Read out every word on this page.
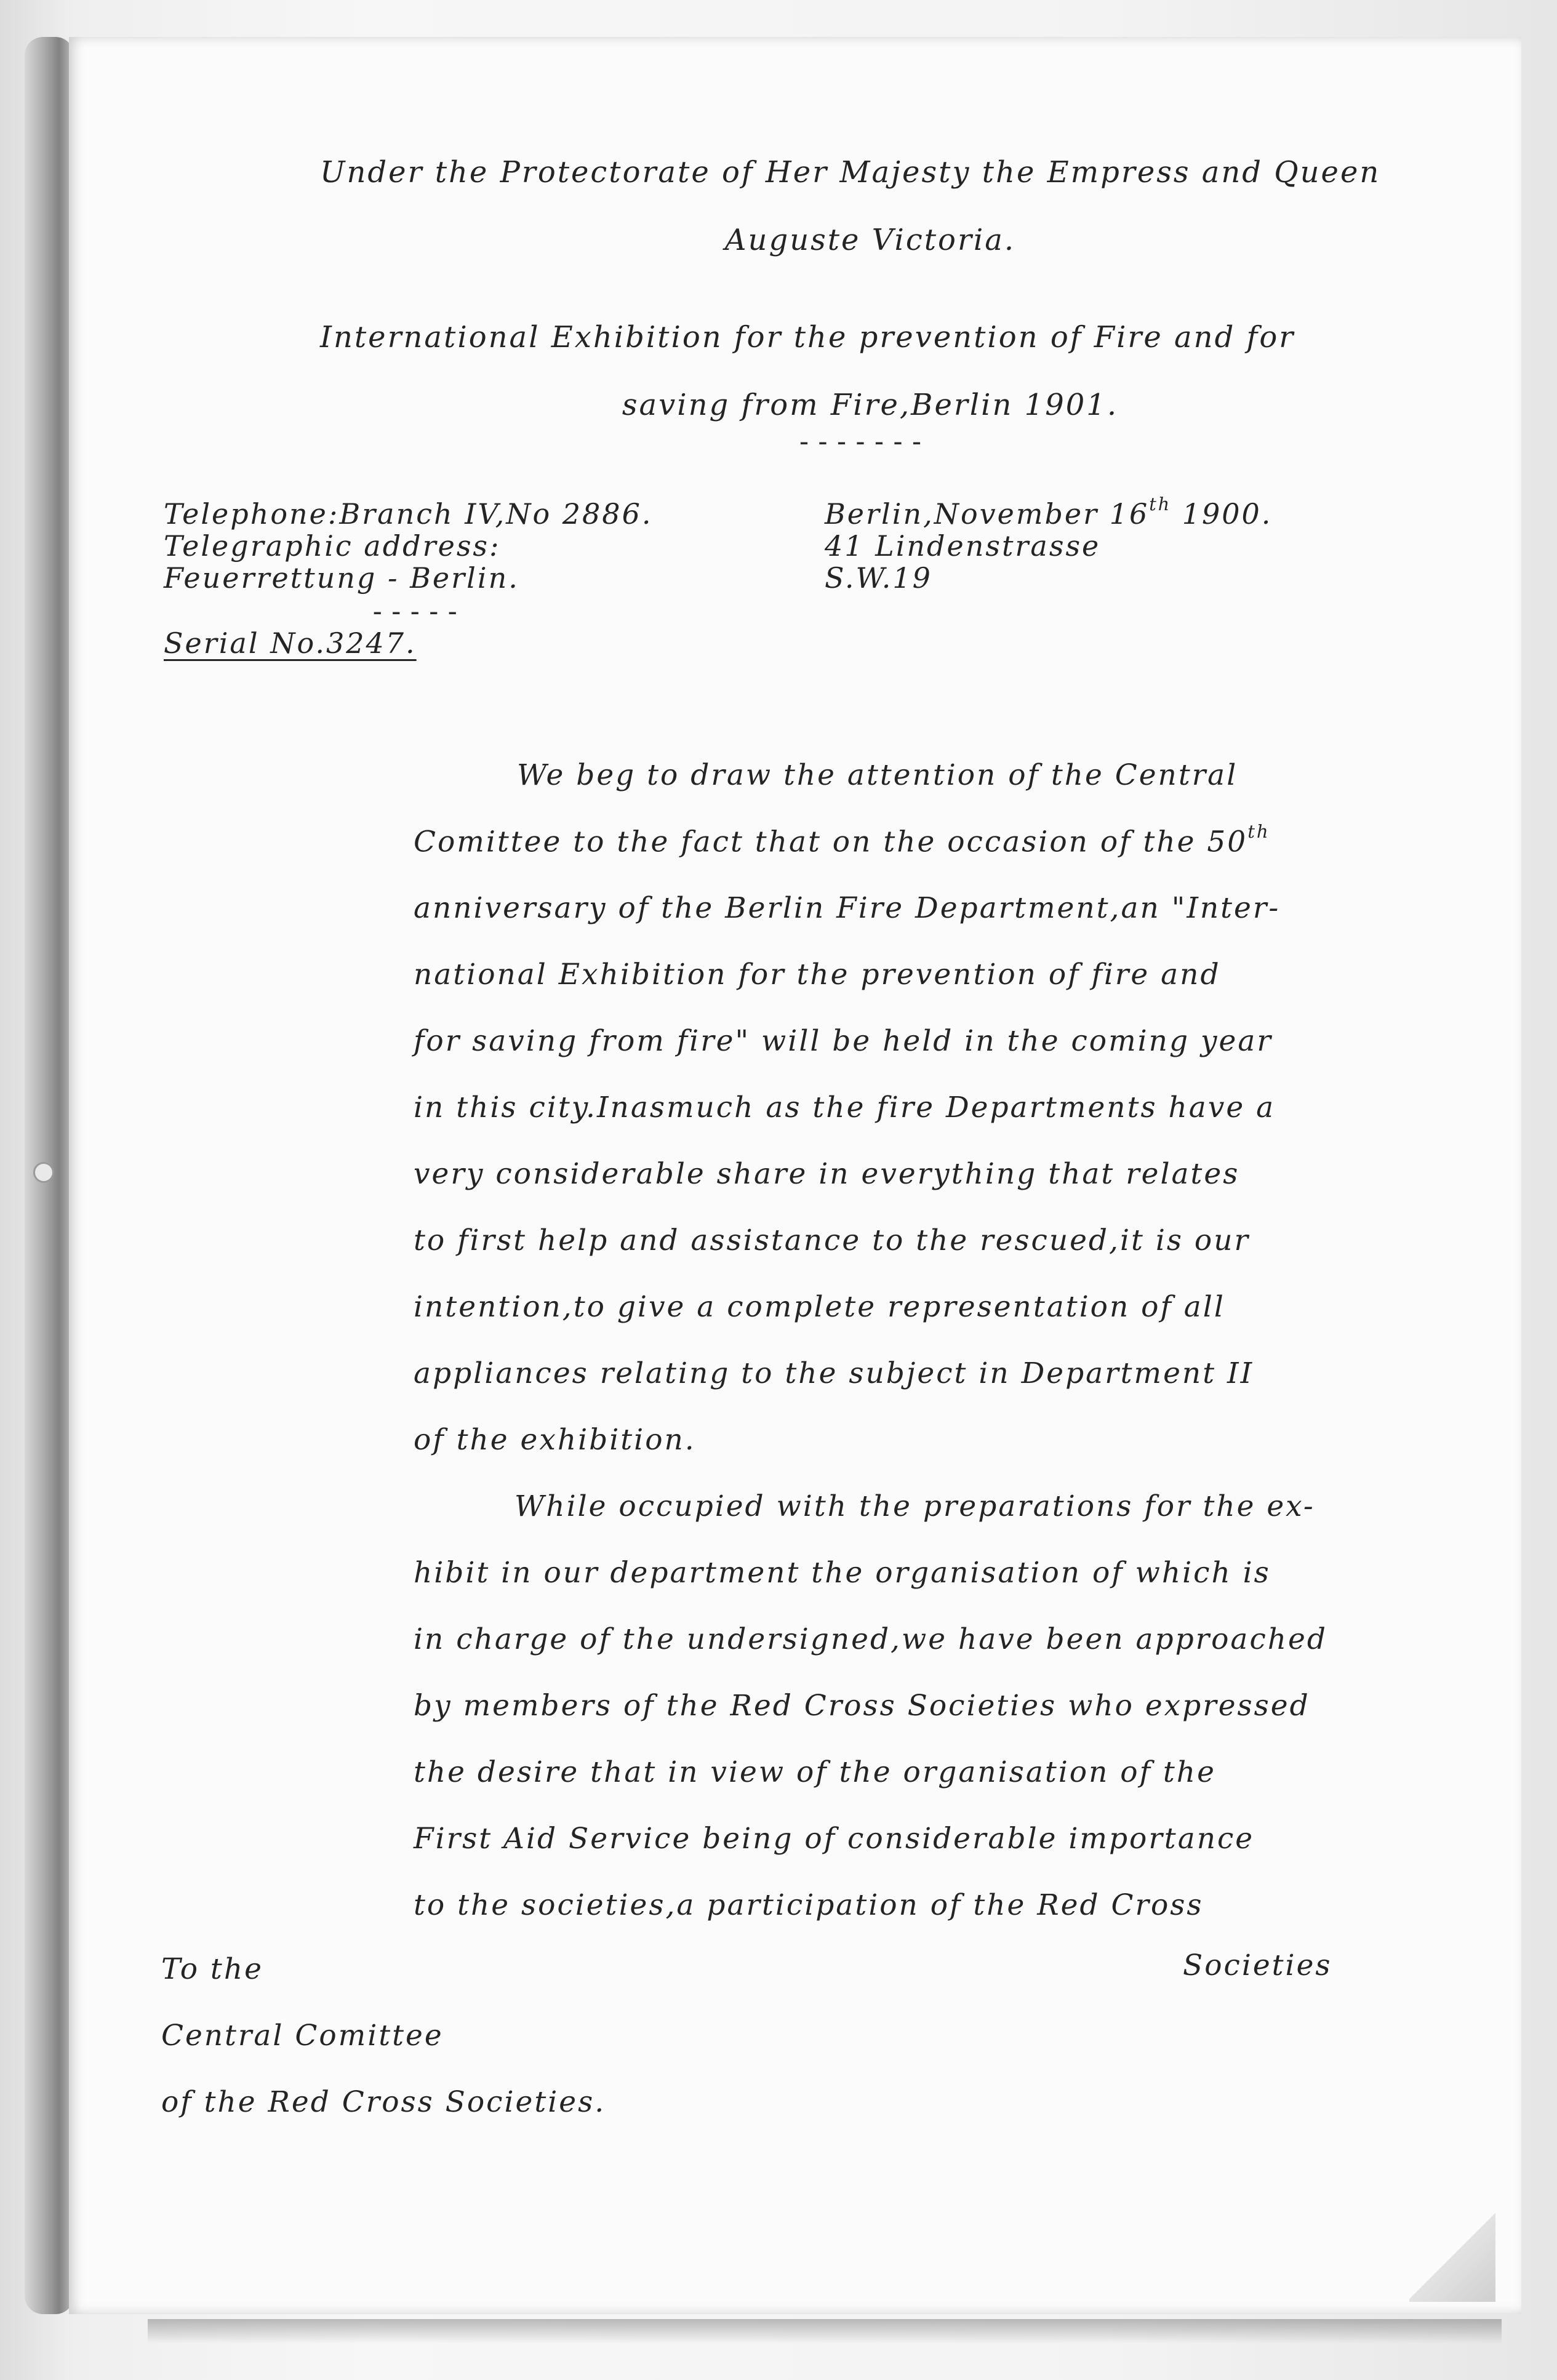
Under the Protectorate of Her Majesty the Empress and Queen
Auguste Victoria.
International Exhibition for the prevention of Fire and for
saving from Fire,Berlin 1901.
-------
Telephone:Branch IV,No 2886.
Telegraphic address:
Feuerrettung - Berlin.
-----
Serial No.3247.
Berlin,November 16th 1900.
41 Lindenstrasse
S.W.19
We beg to draw the attention of the Central
Comittee to the fact that on the occasion of the 50th
anniversary of the Berlin Fire Department,an "Inter-
national Exhibition for the prevention of fire and
for saving from fire" will be held in the coming year
in this city.Inasmuch as the fire Departments have a
very considerable share in everything that relates
to first help and assistance to the rescued,it is our
intention,to give a complete representation of all
appliances relating to the subject in Department II
of the exhibition.
While occupied with the preparations for the ex-
hibit in our department the organisation of which is
in charge of the undersigned,we have been approached
by members of the Red Cross Societies who expressed
the desire that in view of the organisation of the
First Aid Service being of considerable importance
to the societies,a participation of the Red Cross
Societies
To the
Central Comittee
of the Red Cross Societies.
